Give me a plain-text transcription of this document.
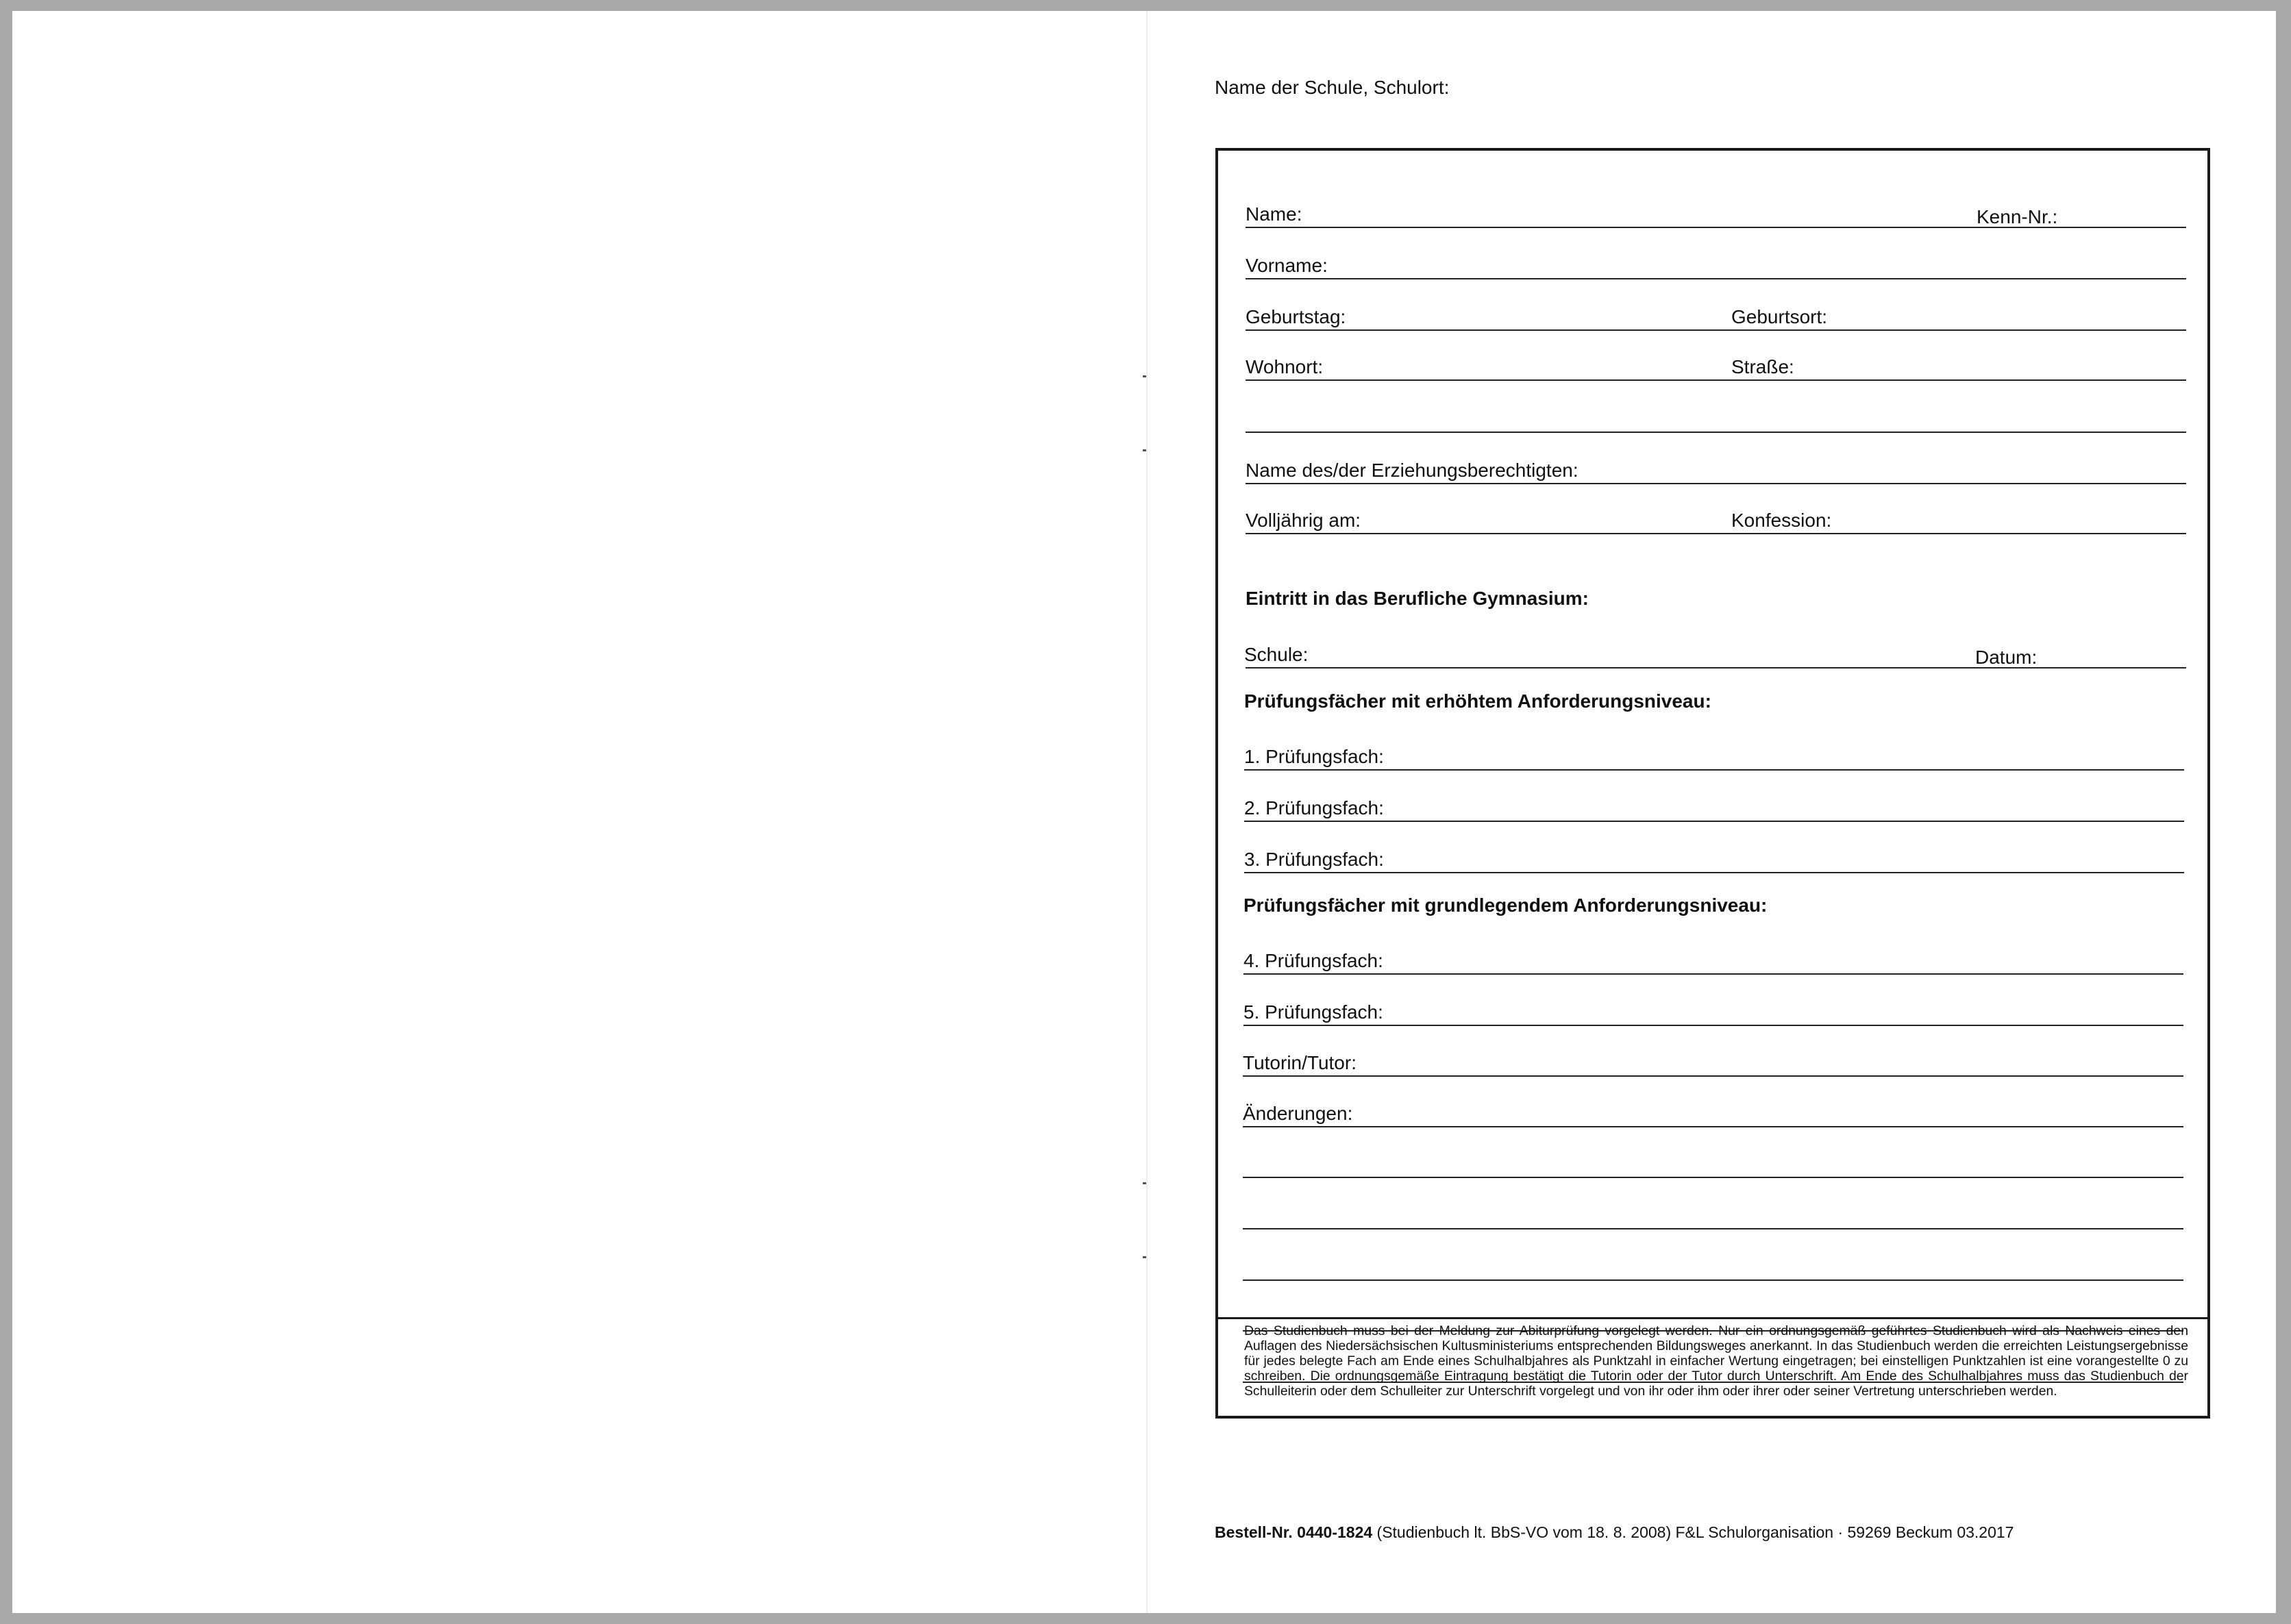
Name der Schule, Schulort:
Name:	Kenn-Nr.:
Vorname:
Geburtstag:	Geburtsort:
Wohnort:	Straße:
Name des/der Erziehungsberechtigten:
Volljährig am:	Konfession:
Eintritt in das Berufliche Gymnasium:
Schule:	Datum:
Prüfungsfächer mit erhöhtem Anforderungsniveau:
1. Prüfungsfach:
2. Prüfungsfach:
3. Prüfungsfach:
Prüfungsfächer mit grundlegendem Anforderungsniveau:
4. Prüfungsfach:
5. Prüfungsfach:
Tutorin/Tutor:
Änderungen:
Das Studienbuch muss bei der Meldung zur Abiturprüfung vorgelegt werden. Nur ein ordnungsgemäß geführtes Studienbuch wird als Nachweis eines den Auflagen des Niedersächsischen Kultusministeriums entsprechenden Bildungsweges anerkannt. In das Studienbuch werden die erreichten Leistungsergebnisse für jedes belegte Fach am Ende eines Schulhalbjahres als Punktzahl in einfacher Wertung eingetragen; bei einstelligen Punktzahlen ist eine vorangestellte 0 zu schreiben. Die ordnungsgemäße Eintragung bestätigt die Tutorin oder der Tutor durch Unterschrift. Am Ende des Schulhalbjahres muss das Studienbuch der Schulleiterin oder dem Schulleiter zur Unterschrift vorgelegt und von ihr oder ihm oder ihrer oder seiner Vertretung unterschrieben werden.
Bestell-Nr. 0440-1824 (Studienbuch lt. BbS-VO vom 18. 8. 2008) F&L Schulorganisation · 59269 Beckum 03.2017
